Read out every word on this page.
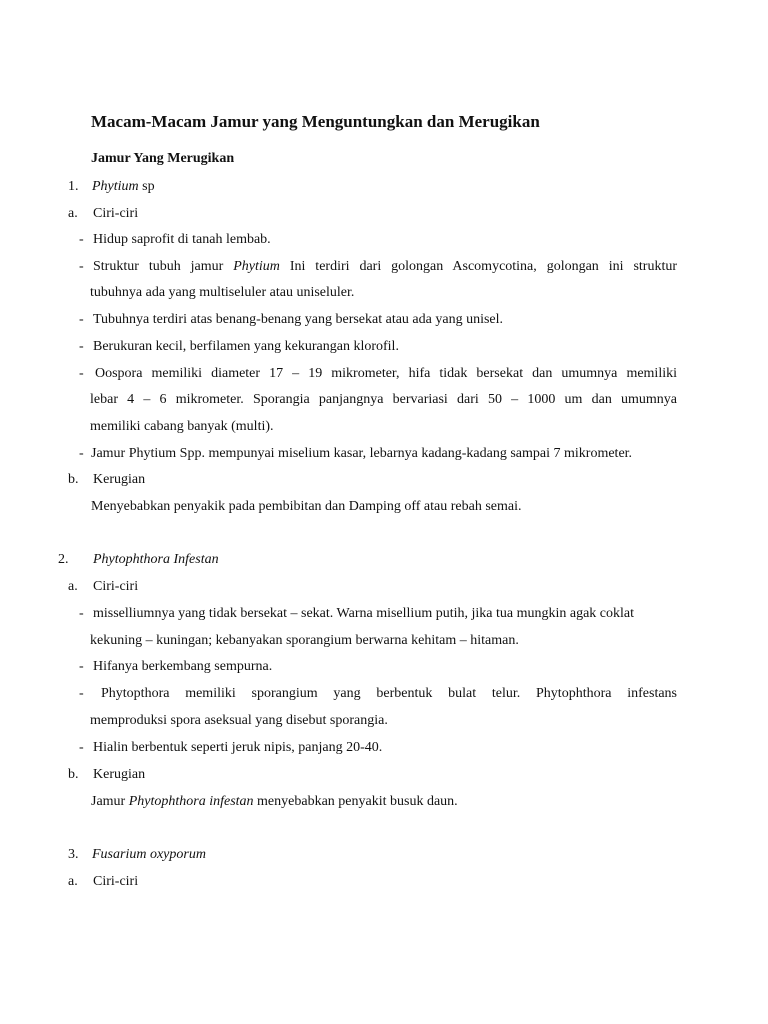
Macam-Macam Jamur yang Menguntungkan dan Merugikan
Jamur Yang Merugikan
1. Phytium sp
a. Ciri-ciri
- Hidup saprofit di tanah lembab.
- Struktur tubuh jamur Phytium Ini terdiri dari golongan Ascomycotina, golongan ini struktur
tubuhnya ada yang multiseluler atau uniseluler.
- Tubuhnya terdiri atas benang-benang yang bersekat atau ada yang unisel.
- Berukuran kecil, berfilamen yang kekurangan klorofil.
- Oospora memiliki diameter 17 – 19 mikrometer, hifa tidak bersekat dan umumnya memiliki
lebar 4 – 6 mikrometer. Sporangia panjangnya bervariasi dari 50 – 1000 um dan umumnya
memiliki cabang banyak (multi).
- Jamur Phytium Spp. mempunyai miselium kasar, lebarnya kadang-kadang sampai 7 mikrometer.
b. Kerugian
Menyebabkan penyakik pada pembibitan dan Damping off atau rebah semai.
2. Phytophthora Infestan
a. Ciri-ciri
- misselliumnya yang tidak bersekat – sekat. Warna misellium putih, jika tua mungkin agak coklat
kekuning – kuningan; kebanyakan sporangium berwarna kehitam – hitaman.
- Hifanya berkembang sempurna.
- Phytopthora memiliki sporangium yang berbentuk bulat telur. Phytophthora infestans
memproduksi spora aseksual yang disebut sporangia.
- Hialin berbentuk seperti jeruk nipis, panjang 20-40.
b. Kerugian
Jamur Phytophthora infestan menyebabkan penyakit busuk daun.
3. Fusarium oxyporum
a. Ciri-ciri
